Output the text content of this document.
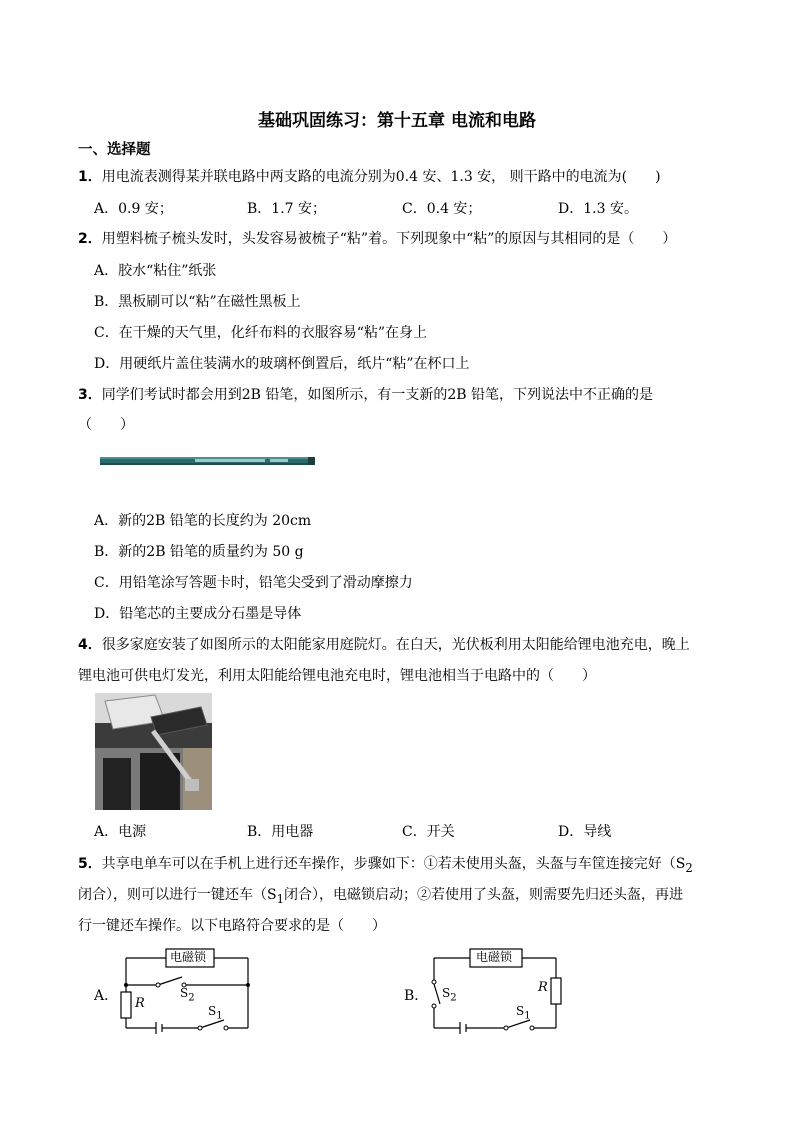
基础巩固练习：第十五章 电流和电路
一、选择题
1．用电流表测得某并联电路中两支路的电流分别为0.4 安、1.3 安， 则干路中的电流为(　　)
A．0.9 安；	B．1.7 安；	C．0.4 安；	D．1.3 安。
2．用塑料梳子梳头发时，头发容易被梳子“粘”着。下列现象中“粘”的原因与其相同的是（　　）
A．胶水“粘住”纸张
B．黑板刷可以“粘”在磁性黑板上
C．在干燥的天气里，化纤布料的衣服容易“粘”在身上
D．用硬纸片盖住装满水的玻璃杯倒置后，纸片“粘”在杯口上
3．同学们考试时都会用到2B 铅笔，如图所示，有一支新的2B 铅笔，下列说法中不正确的是
（　　）
A．新的2B 铅笔的长度约为 20cm
B．新的2B 铅笔的质量约为 50 g
C．用铅笔涂写答题卡时，铅笔尖受到了滑动摩擦力
D．铅笔芯的主要成分石墨是导体
4．很多家庭安装了如图所示的太阳能家用庭院灯。在白天，光伏板利用太阳能给锂电池充电，晚上
锂电池可供电灯发光，利用太阳能给锂电池充电时，锂电池相当于电路中的（　　）
A．电源	B．用电器	C．开关	D．导线
5．共享电单车可以在手机上进行还车操作，步骤如下：①若未使用头盔，头盔与车筐连接完好（$S_2$
闭合），则可以进行一键还车（$S_1$闭合），电磁锁启动；②若使用了头盔，则需要先归还头盔，再进
行一键还车操作。以下电路符合要求的是（　　）
A．
电磁锁
R
$S_2$
$S_1$
B．
电磁锁
R
$S_2$
$S_1$
